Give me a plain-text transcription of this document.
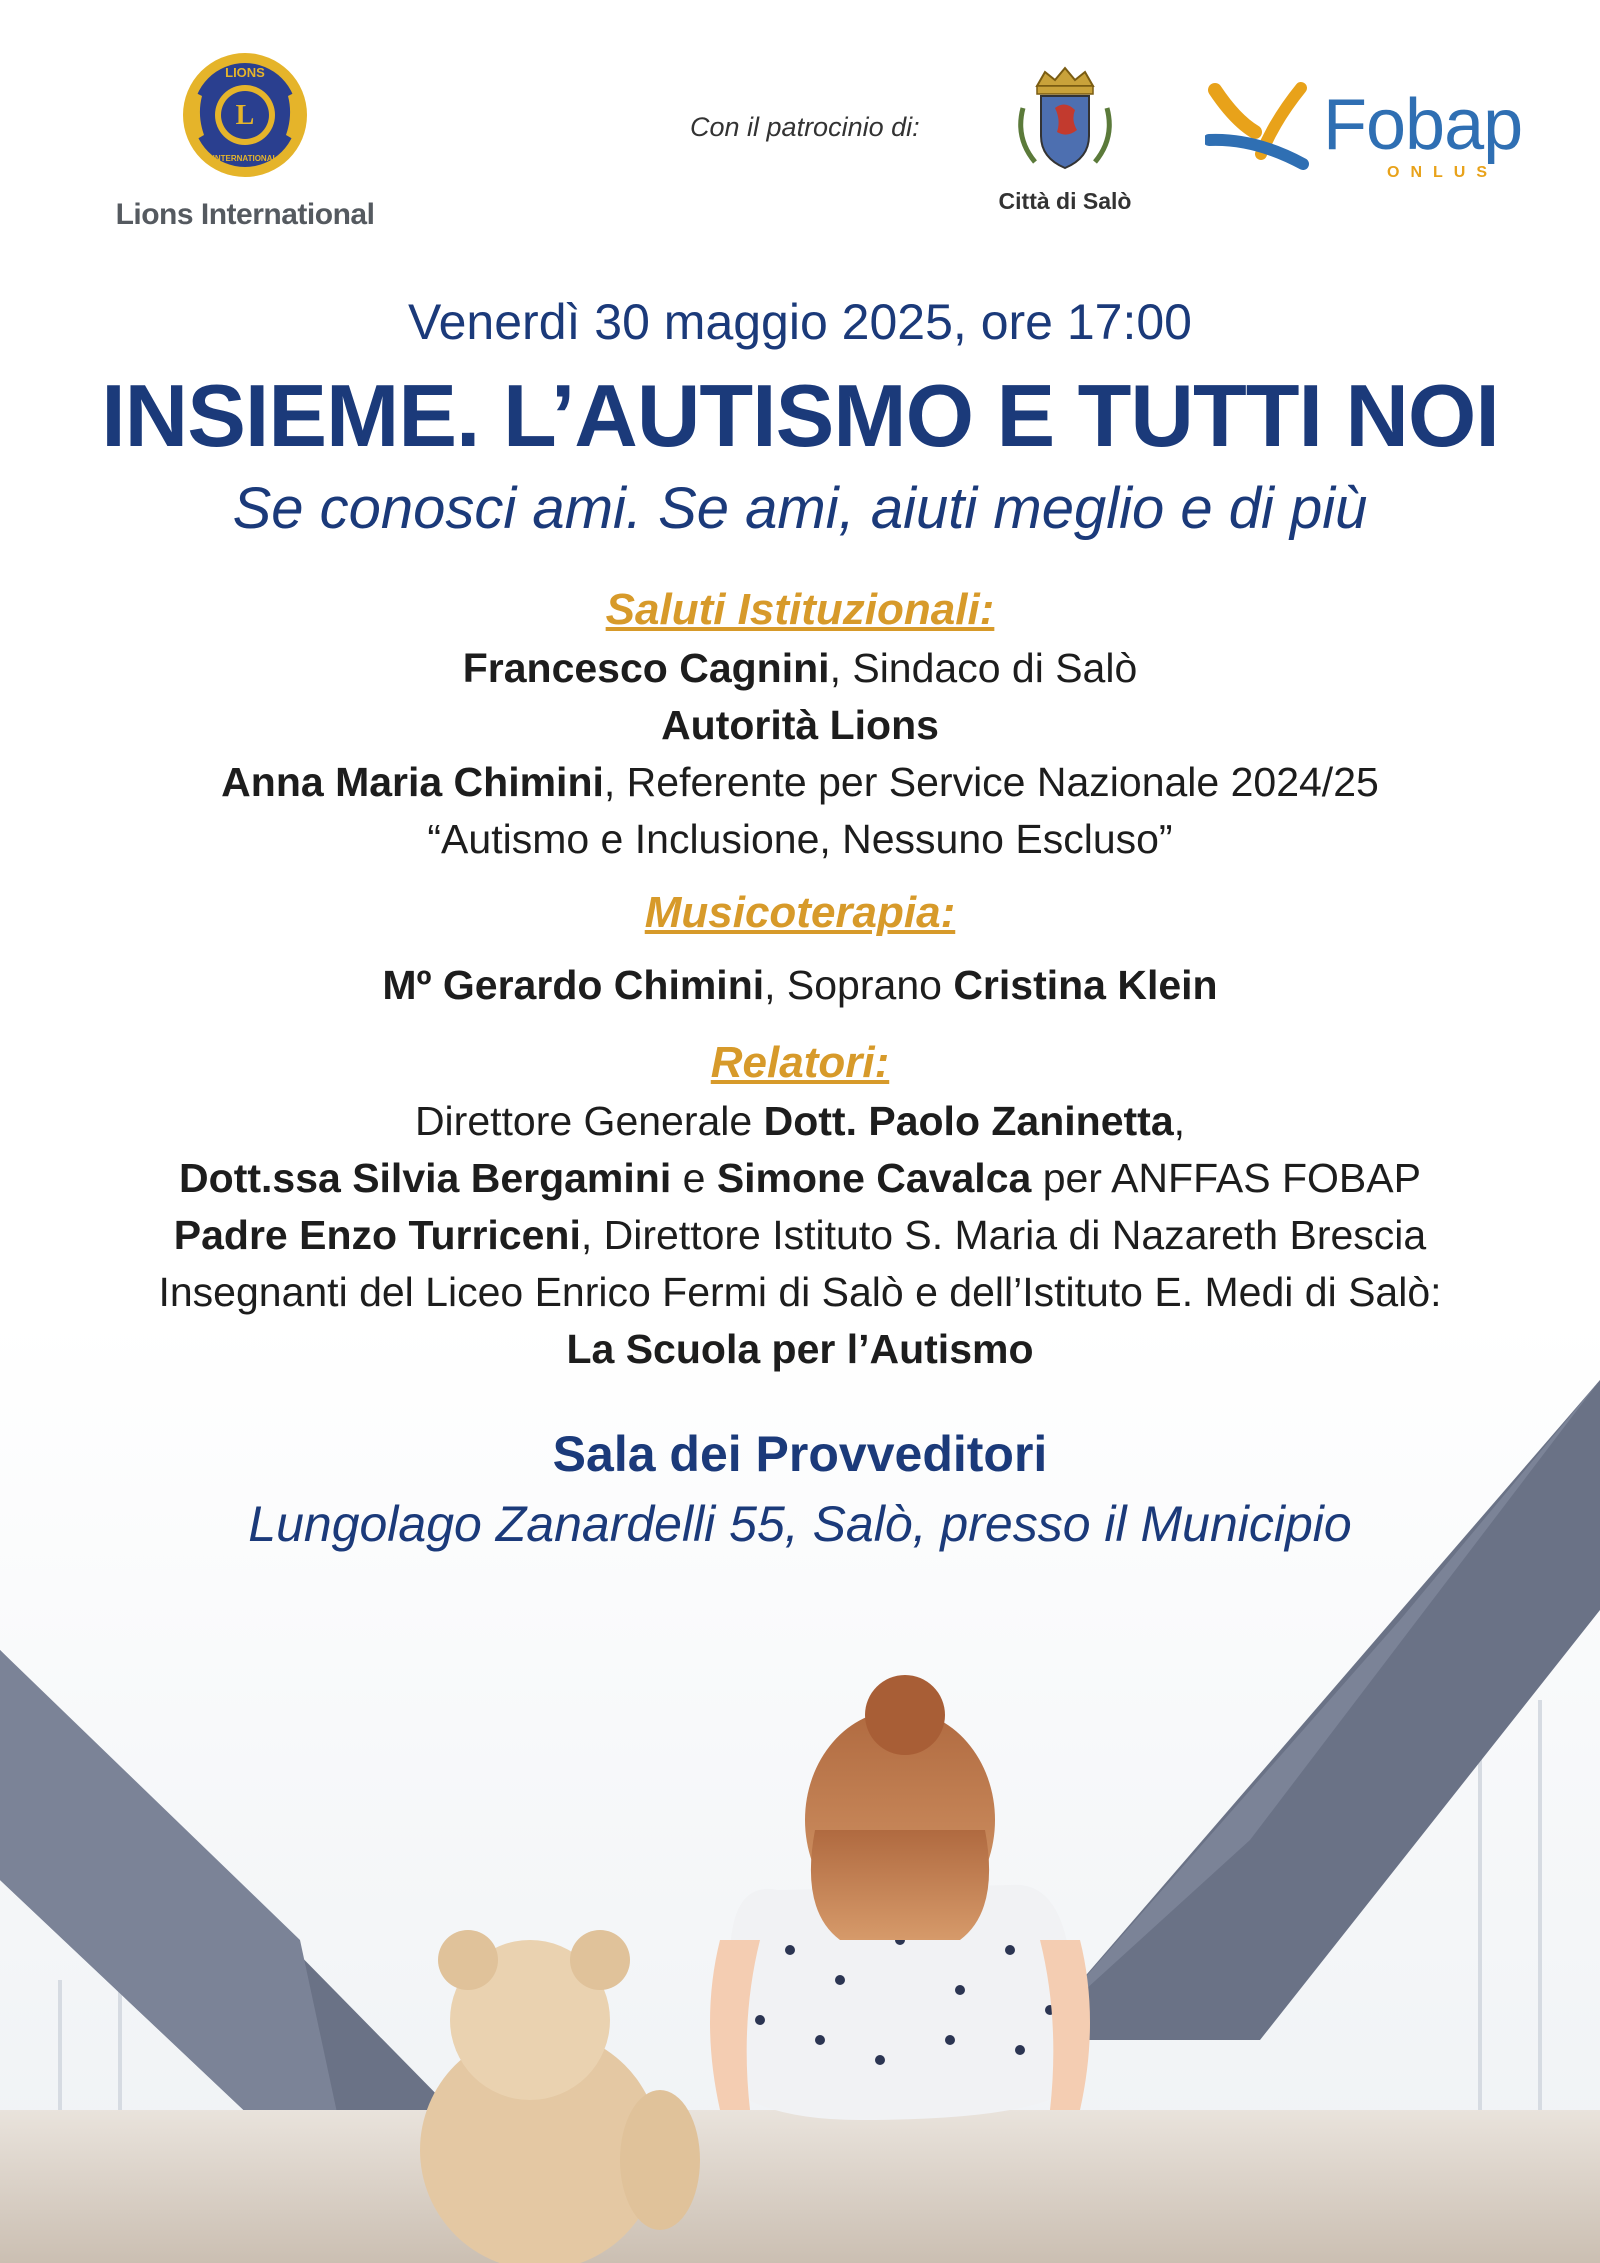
L
LIONS
INTERNATIONAL
Lions International
Con il patrocinio di:
Città di Salò
Fobap
ONLUS
Venerdì 30 maggio 2025, ore 17:00
INSIEME. L’AUTISMO E TUTTI NOI
Se conosci ami. Se ami, aiuti meglio e di più
Saluti Istituzionali:
Francesco Cagnini, Sindaco di Salò
Autorità Lions
Anna Maria Chimini, Referente per Service Nazionale 2024/25
“Autismo e Inclusione, Nessuno Escluso”
Musicoterapia:
Mº Gerardo Chimini, Soprano Cristina Klein
Relatori:
Direttore Generale Dott. Paolo Zaninetta,
Dott.ssa Silvia Bergamini e Simone Cavalca per ANFFAS FOBAP
Padre Enzo Turriceni, Direttore Istituto S. Maria di Nazareth Brescia
Insegnanti del Liceo Enrico Fermi di Salò e dell’Istituto E. Medi di Salò:
La Scuola per l’Autismo
Sala dei Provveditori
Lungolago Zanardelli 55, Salò, presso il Municipio
